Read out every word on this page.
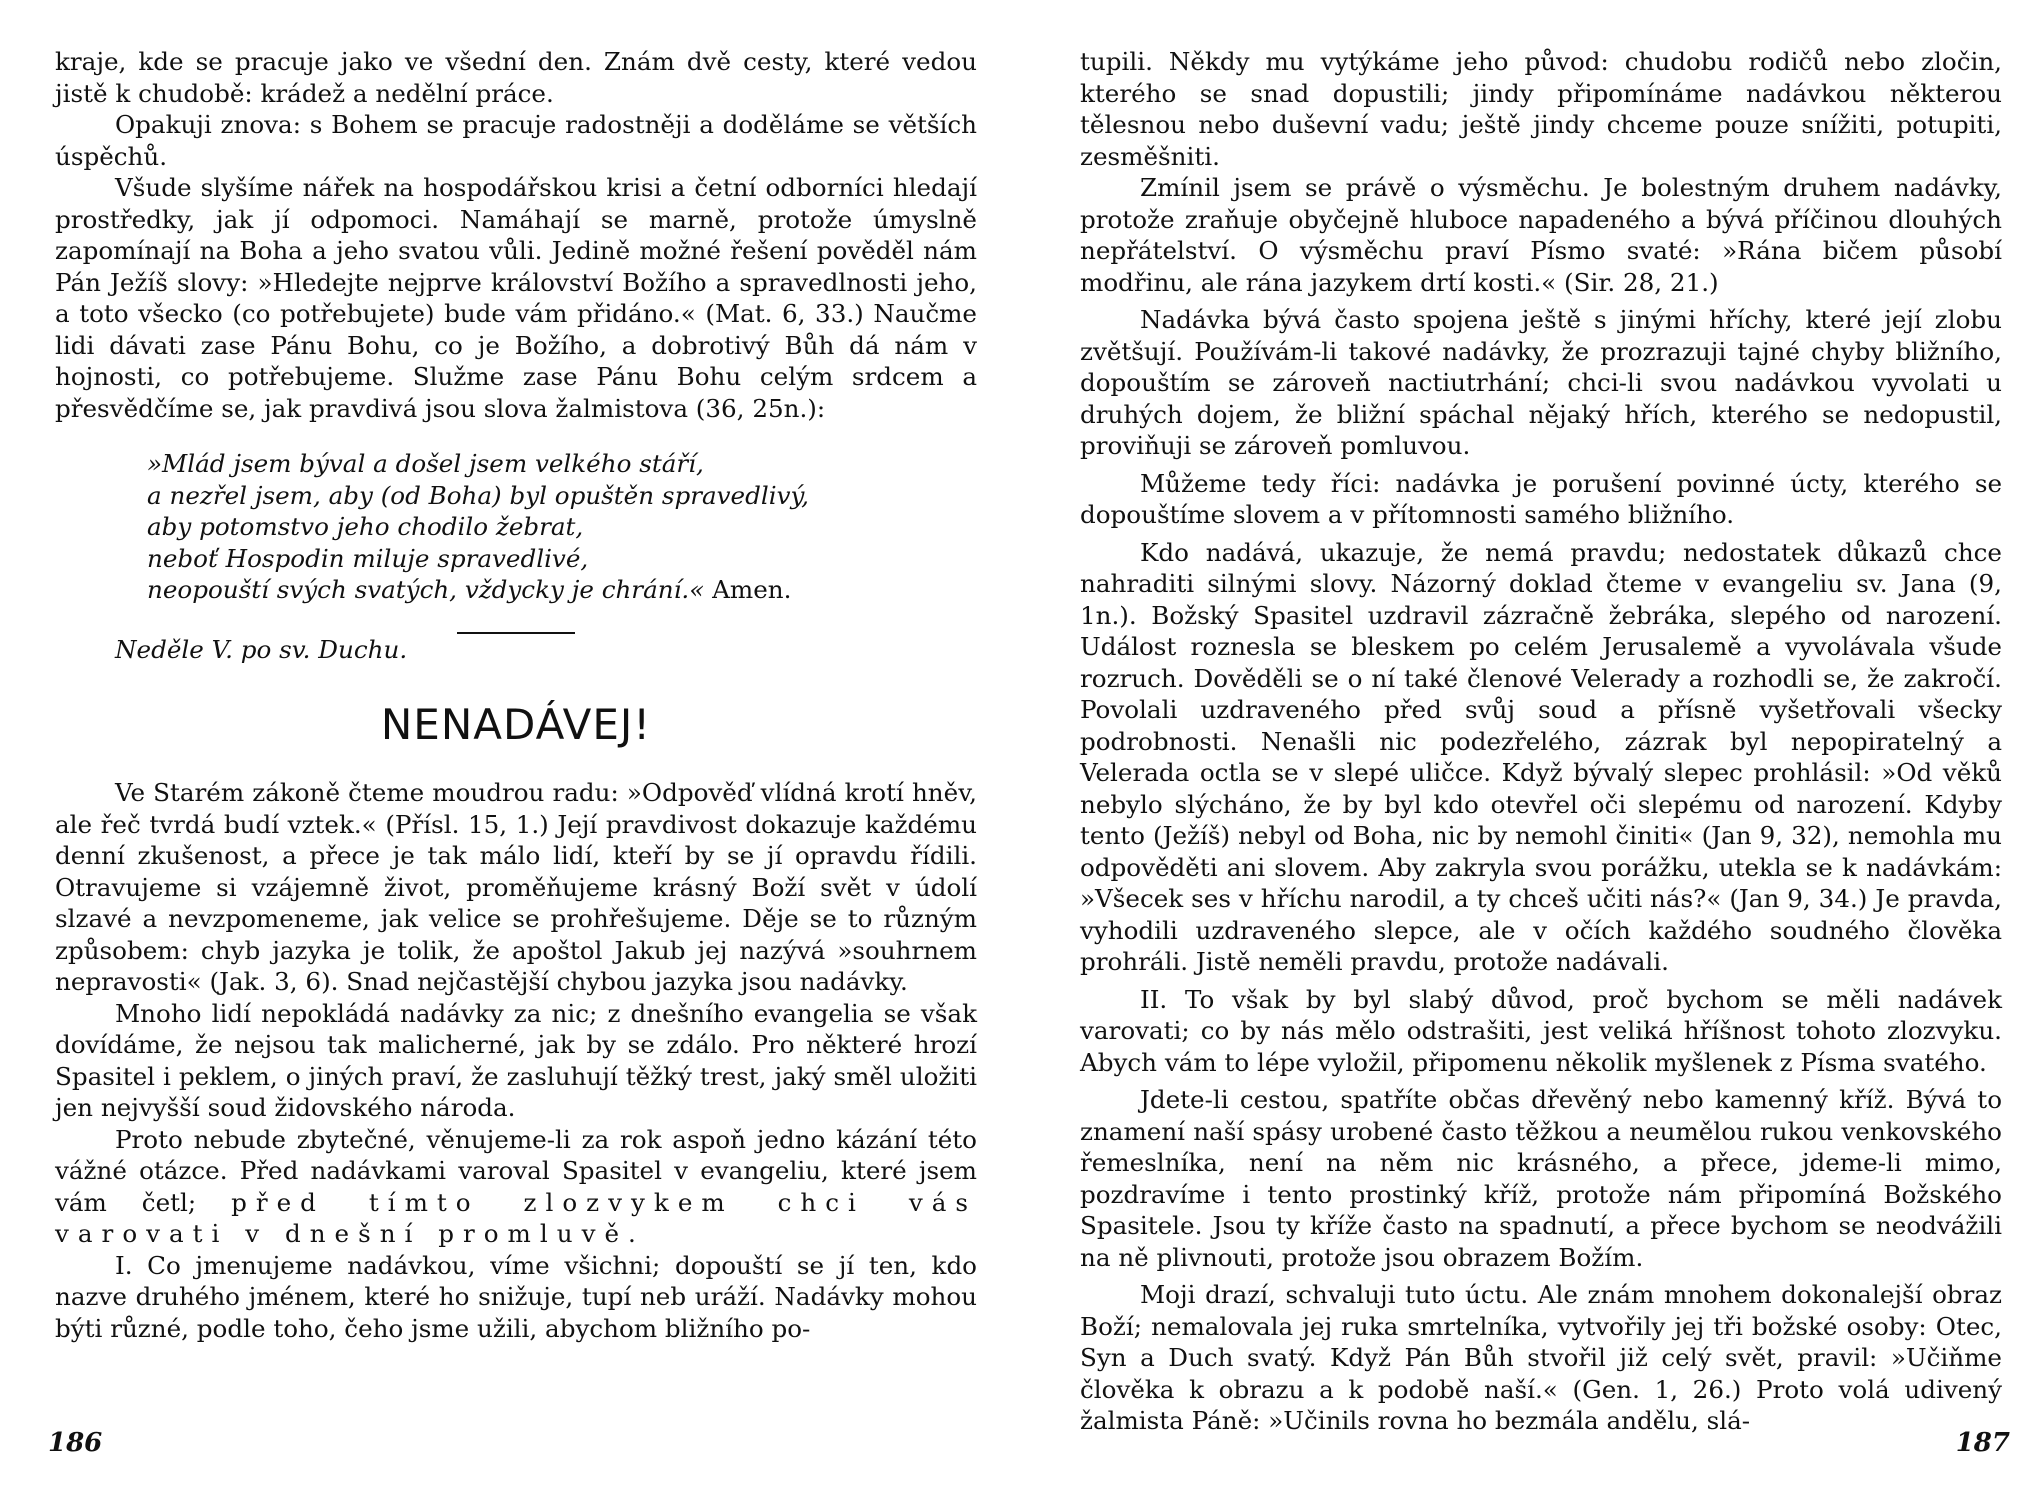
kraje, kde se pracuje jako ve všední den. Znám dvě cesty, které vedou jistě k chudobě: krádež a nedělní práce.

Opakuji znova: s Bohem se pracuje radostněji a doděláme se větších úspěchů.

Všude slyšíme nářek na hospodářskou krisi a četní odborníci hledají prostředky, jak jí odpomoci. Namáhají se marně, protože úmyslně zapomínají na Boha a jeho svatou vůli. Jedině možné řešení pověděl nám Pán Ježíš slovy: »Hledejte nejprve království Božího a spravedlnosti jeho, a toto všecko (co potřebujete) bude vám přidáno.« (Mat. 6, 33.) Naučme lidi dávati zase Pánu Bohu, co je Božího, a dobrotivý Bůh dá nám v hojnosti, co potřebujeme. Služme zase Pánu Bohu celým srdcem a přesvědčíme se, jak pravdivá jsou slova žalmistova (36, 25n.):

»Mlád jsem býval a došel jsem velkého stáří,
a nezřel jsem, aby (od Boha) byl opuštěn spravedlivý,
aby potomstvo jeho chodilo žebrat,
neboť Hospodin miluje spravedlivé,
neopouští svých svatých, vždycky je chrání.« Amen.

Neděle V. po sv. Duchu.

NENADÁVEJ!

Ve Starém zákoně čteme moudrou radu: »Odpověď vlídná krotí hněv, ale řeč tvrdá budí vztek.« (Přísl. 15, 1.) Její pravdivost dokazuje každému denní zkušenost, a přece je tak málo lidí, kteří by se jí opravdu řídili. Otravujeme si vzájemně život, proměňujeme krásný Boží svět v údolí slzavé a nevzpomeneme, jak velice se prohřešujeme. Děje se to různým způsobem: chyb jazyka je tolik, že apoštol Jakub jej nazývá »souhrnem nepravosti« (Jak. 3, 6). Snad nejčastější chybou jazyka jsou nadávky.

Mnoho lidí nepokládá nadávky za nic; z dnešního evangelia se však dovídáme, že nejsou tak malicherné, jak by se zdálo. Pro některé hrozí Spasitel i peklem, o jiných praví, že zasluhují těžký trest, jaký směl uložiti jen nejvyšší soud židovského národa.

Proto nebude zbytečné, věnujeme-li za rok aspoň jedno kázání této vážné otázce. Před nadávkami varoval Spasitel v evangeliu, které jsem vám četl; před tímto zlozvykem chci vás varovati v dnešní promluvě.

I. Co jmenujeme nadávkou, víme všichni; dopouští se jí ten, kdo nazve druhého jménem, které ho snižuje, tupí neb uráží. Nadávky mohou býti různé, podle toho, čeho jsme užili, abychom bližního po-

186

tupili. Někdy mu vytýkáme jeho původ: chudobu rodičů nebo zločin, kterého se snad dopustili; jindy připomínáme nadávkou některou tělesnou nebo duševní vadu; ještě jindy chceme pouze snížiti, potupiti, zesměšniti.

Zmínil jsem se právě o výsměchu. Je bolestným druhem nadávky, protože zraňuje obyčejně hluboce napadeného a bývá příčinou dlouhých nepřátelství. O výsměchu praví Písmo svaté: »Rána bičem působí modřinu, ale rána jazykem drtí kosti.« (Sir. 28, 21.)

Nadávka bývá často spojena ještě s jinými hříchy, které její zlobu zvětšují. Používám-li takové nadávky, že prozrazuji tajné chyby bližního, dopouštím se zároveň nactiutrhání; chci-li svou nadávkou vyvolati u druhých dojem, že bližní spáchal nějaký hřích, kterého se nedopustil, proviňuji se zároveň pomluvou.

Můžeme tedy říci: nadávka je porušení povinné úcty, kterého se dopouštíme slovem a v přítomnosti samého bližního.

Kdo nadává, ukazuje, že nemá pravdu; nedostatek důkazů chce nahraditi silnými slovy. Názorný doklad čteme v evangeliu sv. Jana (9, 1n.). Božský Spasitel uzdravil zázračně žebráka, slepého od narození. Událost roznesla se bleskem po celém Jerusalemě a vyvolávala všude rozruch. Dověděli se o ní také členové Velerady a rozhodli se, že zakročí. Povolali uzdraveného před svůj soud a přísně vyšetřovali všecky podrobnosti. Nenašli nic podezřelého, zázrak byl nepopiratelný a Velerada octla se v slepé uličce. Když bývalý slepec prohlásil: »Od věků nebylo slýcháno, že by byl kdo otevřel oči slepému od narození. Kdyby tento (Ježíš) nebyl od Boha, nic by nemohl činiti« (Jan 9, 32), nemohla mu odpověděti ani slovem. Aby zakryla svou porážku, utekla se k nadávkám: »Všecek ses v hříchu narodil, a ty chceš učiti nás?« (Jan 9, 34.) Je pravda, vyhodili uzdraveného slepce, ale v očích každého soudného člověka prohráli. Jistě neměli pravdu, protože nadávali.

II. To však by byl slabý důvod, proč bychom se měli nadávek varovati; co by nás mělo odstrašiti, jest veliká hříšnost tohoto zlozvyku. Abych vám to lépe vyložil, připomenu několik myšlenek z Písma svatého.

Jdete-li cestou, spatříte občas dřevěný nebo kamenný kříž. Bývá to znamení naší spásy urobené často těžkou a neumělou rukou venkovského řemeslníka, není na něm nic krásného, a přece, jdeme-li mimo, pozdravíme i tento prostinký kříž, protože nám připomíná Božského Spasitele. Jsou ty kříže často na spadnutí, a přece bychom se neodvážili na ně plivnouti, protože jsou obrazem Božím.

Moji drazí, schvaluji tuto úctu. Ale znám mnohem dokonalejší obraz Boží; nemalovala jej ruka smrtelníka, vytvořily jej tři božské osoby: Otec, Syn a Duch svatý. Když Pán Bůh stvořil již celý svět, pravil: »Učiňme člověka k obrazu a k podobě naší.« (Gen. 1, 26.) Proto volá udivený žalmista Páně: »Učinils rovna ho bezmála andělu, slá-

187
